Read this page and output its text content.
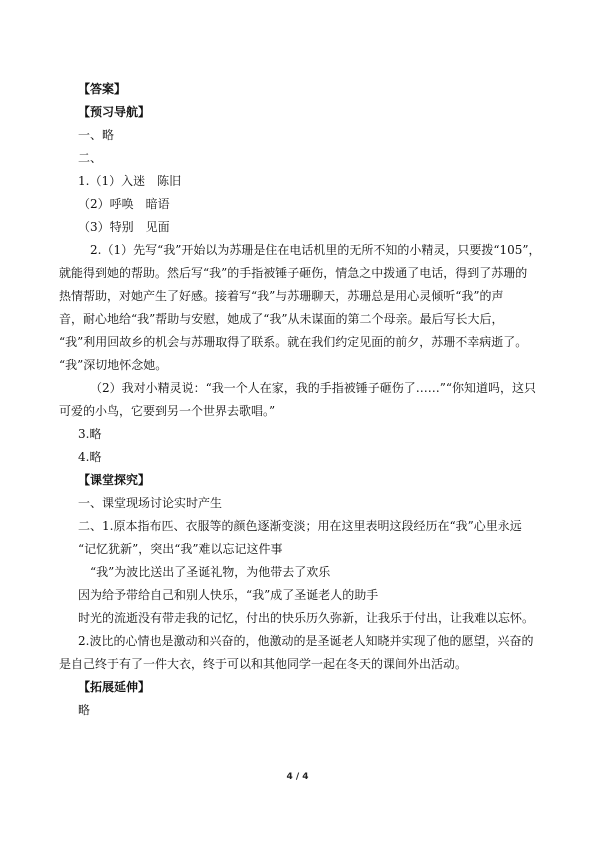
【答案】
【预习导航】
一、略
二、
1.（1）入迷　陈旧
（2）呼唤　暗语
（3）特别　见面
2.（1）先写“我”开始以为苏珊是住在电话机里的无所不知的小精灵，只要拨“105”，
就能得到她的帮助。然后写“我”的手指被锤子砸伤，情急之中拨通了电话，得到了苏珊的
热情帮助，对她产生了好感。接着写“我”与苏珊聊天，苏珊总是用心灵倾听“我”的声
音，耐心地给“我”帮助与安慰，她成了“我”从未谋面的第二个母亲。最后写长大后，
“我”利用回故乡的机会与苏珊取得了联系。就在我们约定见面的前夕，苏珊不幸病逝了。
“我”深切地怀念她。
（2）我对小精灵说：“我一个人在家，我的手指被锤子砸伤了……”“你知道吗，这只
可爱的小鸟，它要到另一个世界去歌唱。”
3.略
4.略
【课堂探究】
一、课堂现场讨论实时产生
二、1.原本指布匹、衣服等的颜色逐渐变淡；用在这里表明这段经历在“我”心里永远
“记忆犹新”，突出“我”难以忘记这件事
“我”为波比送出了圣诞礼物，为他带去了欢乐
因为给予带给自己和别人快乐，“我”成了圣诞老人的助手
时光的流逝没有带走我的记忆，付出的快乐历久弥新，让我乐于付出，让我难以忘怀。
2.波比的心情也是激动和兴奋的，他激动的是圣诞老人知晓并实现了他的愿望，兴奋的
是自己终于有了一件大衣，终于可以和其他同学一起在冬天的课间外出活动。
【拓展延伸】
略
4 / 4
